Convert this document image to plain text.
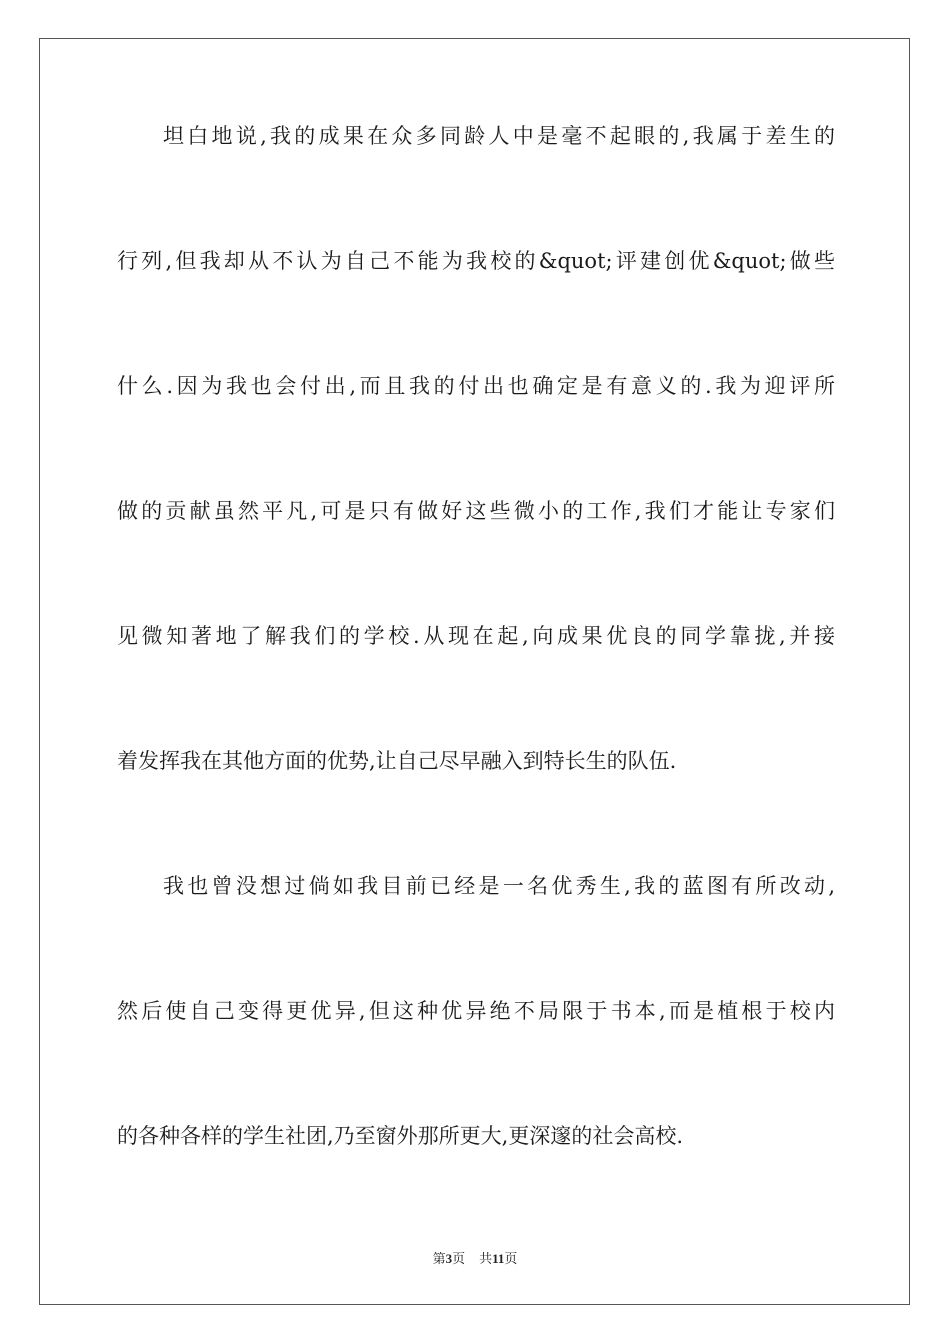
坦白地说,我的成果在众多同龄人中是毫不起眼的,我属于差生的
行列,但我却从不认为自己不能为我校的&quot;评建创优&quot;做些
什么.因为我也会付出,而且我的付出也确定是有意义的.我为迎评所
做的贡献虽然平凡,可是只有做好这些微小的工作,我们才能让专家们
见微知著地了解我们的学校.从现在起,向成果优良的同学靠拢,并接
着发挥我在其他方面的优势,让自己尽早融入到特长生的队伍.
我也曾没想过倘如我目前已经是一名优秀生,我的蓝图有所改动,
然后使自己变得更优异,但这种优异绝不局限于书本,而是植根于校内
的各种各样的学生社团,乃至窗外那所更大,更深邃的社会高校.
第3页 共11页
